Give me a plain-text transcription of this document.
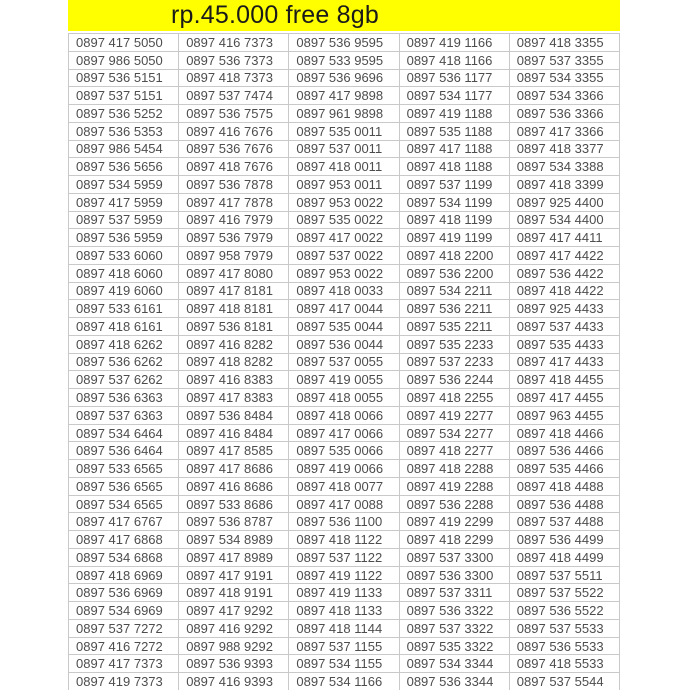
rp.45.000 free 8gb
0897 417 5050
0897 986 5050
0897 536 5151
0897 537 5151
0897 536 5252
0897 536 5353
0897 986 5454
0897 536 5656
0897 534 5959
0897 417 5959
0897 537 5959
0897 536 5959
0897 533 6060
0897 418 6060
0897 419 6060
0897 533 6161
0897 418 6161
0897 418 6262
0897 536 6262
0897 537 6262
0897 536 6363
0897 537 6363
0897 534 6464
0897 536 6464
0897 533 6565
0897 536 6565
0897 534 6565
0897 417 6767
0897 417 6868
0897 534 6868
0897 418 6969
0897 536 6969
0897 534 6969
0897 537 7272
0897 416 7272
0897 417 7373
0897 419 7373
0897 416 7373
0897 536 7373
0897 418 7373
0897 537 7474
0897 536 7575
0897 416 7676
0897 536 7676
0897 418 7676
0897 536 7878
0897 417 7878
0897 416 7979
0897 536 7979
0897 958 7979
0897 417 8080
0897 417 8181
0897 418 8181
0897 536 8181
0897 416 8282
0897 418 8282
0897 416 8383
0897 417 8383
0897 536 8484
0897 416 8484
0897 417 8585
0897 417 8686
0897 416 8686
0897 533 8686
0897 536 8787
0897 534 8989
0897 417 8989
0897 417 9191
0897 418 9191
0897 417 9292
0897 416 9292
0897 988 9292
0897 536 9393
0897 416 9393
0897 536 9595
0897 533 9595
0897 536 9696
0897 417 9898
0897 961 9898
0897 535 0011
0897 537 0011
0897 418 0011
0897 953 0011
0897 953 0022
0897 535 0022
0897 417 0022
0897 537 0022
0897 953 0022
0897 418 0033
0897 417 0044
0897 535 0044
0897 536 0044
0897 537 0055
0897 419 0055
0897 418 0055
0897 418 0066
0897 417 0066
0897 535 0066
0897 419 0066
0897 418 0077
0897 417 0088
0897 536 1100
0897 418 1122
0897 537 1122
0897 419 1122
0897 419 1133
0897 418 1133
0897 418 1144
0897 537 1155
0897 534 1155
0897 534 1166
0897 419 1166
0897 418 1166
0897 536 1177
0897 534 1177
0897 419 1188
0897 535 1188
0897 417 1188
0897 418 1188
0897 537 1199
0897 534 1199
0897 418 1199
0897 419 1199
0897 418 2200
0897 536 2200
0897 534 2211
0897 536 2211
0897 535 2211
0897 535 2233
0897 537 2233
0897 536 2244
0897 418 2255
0897 419 2277
0897 534 2277
0897 418 2277
0897 418 2288
0897 419 2288
0897 536 2288
0897 419 2299
0897 418 2299
0897 537 3300
0897 536 3300
0897 537 3311
0897 536 3322
0897 537 3322
0897 535 3322
0897 534 3344
0897 536 3344
0897 418 3355
0897 537 3355
0897 534 3355
0897 534 3366
0897 536 3366
0897 417 3366
0897 418 3377
0897 534 3388
0897 418 3399
0897 925 4400
0897 534 4400
0897 417 4411
0897 417 4422
0897 536 4422
0897 418 4422
0897 925 4433
0897 537 4433
0897 535 4433
0897 417 4433
0897 418 4455
0897 417 4455
0897 963 4455
0897 418 4466
0897 536 4466
0897 535 4466
0897 418 4488
0897 536 4488
0897 537 4488
0897 536 4499
0897 418 4499
0897 537 5511
0897 537 5522
0897 536 5522
0897 537 5533
0897 536 5533
0897 418 5533
0897 537 5544
